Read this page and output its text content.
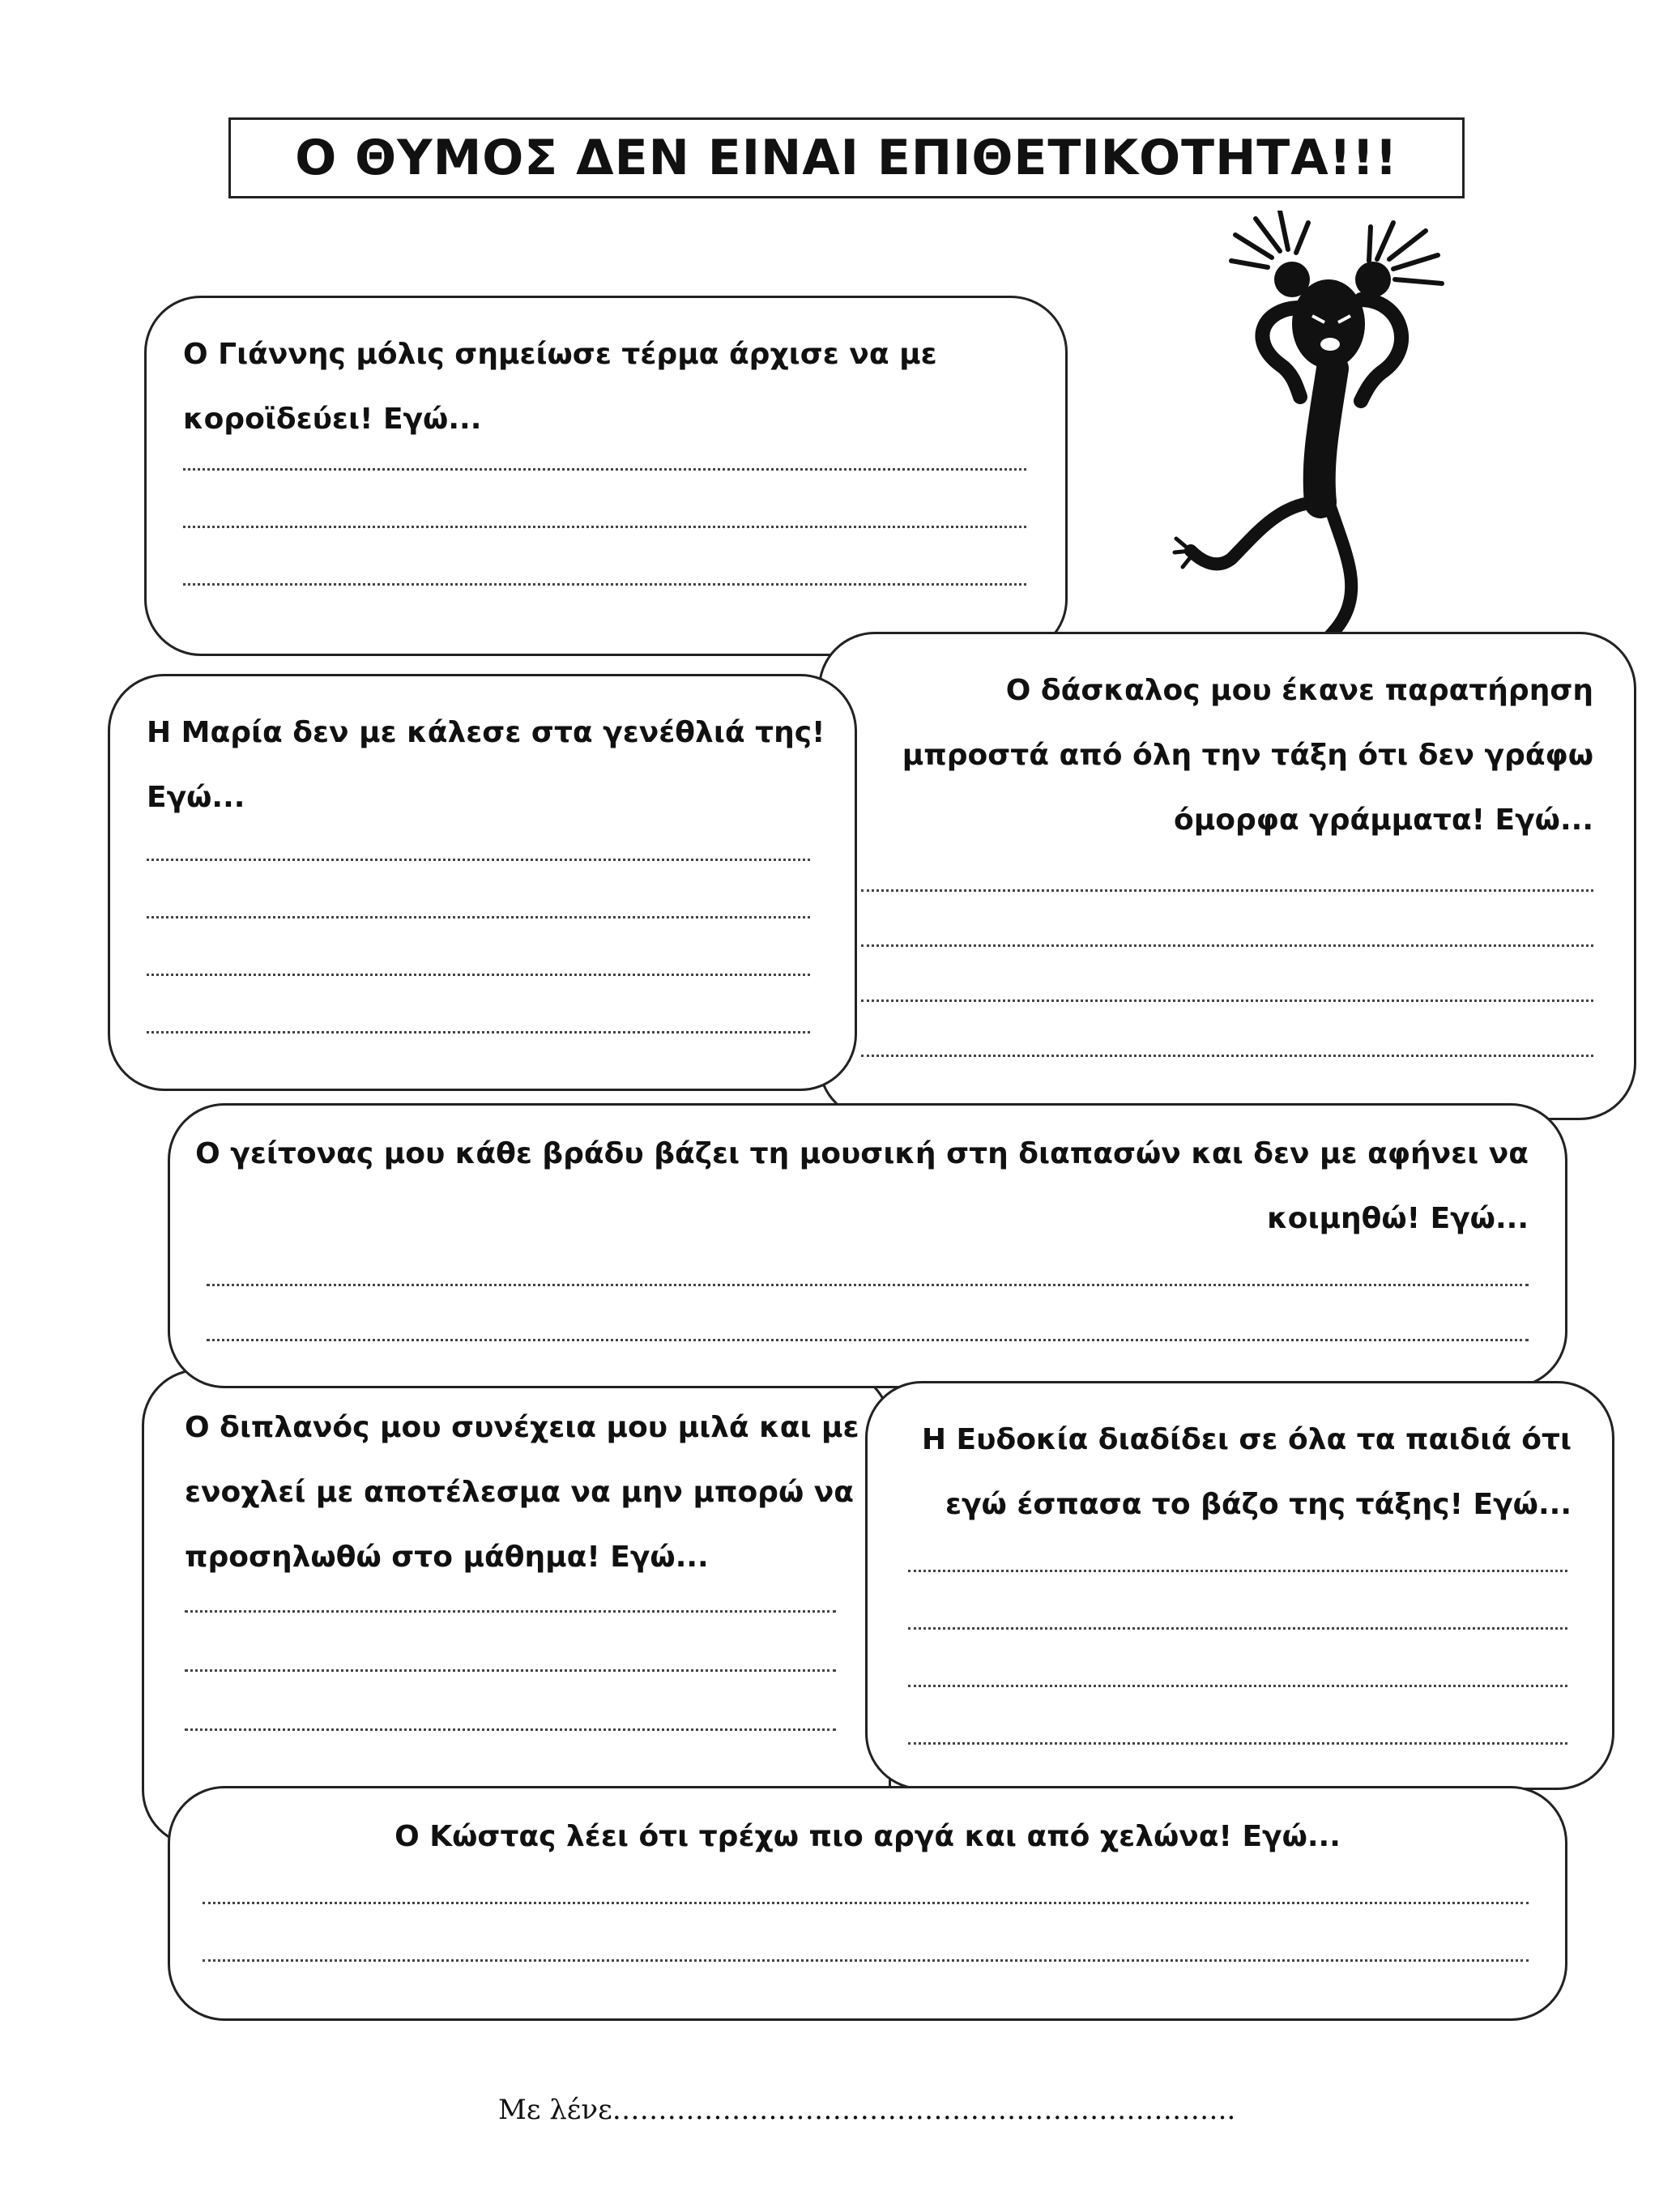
Ο ΘΥΜΟΣ ΔΕΝ ΕΙΝΑΙ ΕΠΙΘΕΤΙΚΟΤΗΤΑ!!!

Ο Γιάννης μόλις σημείωσε τέρμα άρχισε να με
κοροϊδεύει! Εγώ...

Ο δάσκαλος μου έκανε παρατήρηση
μπροστά από όλη την τάξη ότι δεν γράφω
όμορφα γράμματα! Εγώ...

Η Μαρία δεν με κάλεσε στα γενέθλιά της!
Εγώ...

Ο διπλανός μου συνέχεια μου μιλά και με
ενοχλεί με αποτέλεσμα να μην μπορώ να
προσηλωθώ στο μάθημα! Εγώ...

Ο γείτονας μου κάθε βράδυ βάζει τη μουσική στη διαπασών και δεν με αφήνει να
κοιμηθώ! Εγώ...

Η Ευδοκία διαδίδει σε όλα τα παιδιά ότι
εγώ έσπασα το βάζο της τάξης! Εγώ...

Ο Κώστας λέει ότι τρέχω πιο αργά και από χελώνα! Εγώ...

Με λένε…………………………………………………………..
